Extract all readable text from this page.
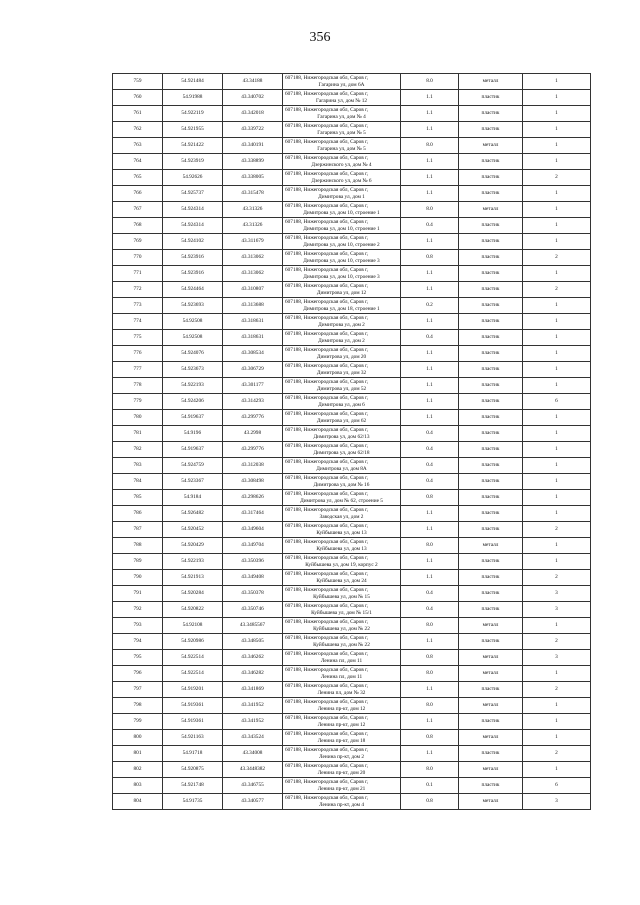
356
759	54.921484	43.34188	607188, Нижегородская обл, Саров г,
Гагарина ул, дом 6А	8.0	металл	1
760	54.91988	43.340702	607188, Нижегородская обл, Саров г,
Гагарина ул, дом № 12	1.1	пластик	1
761	54.922119	43.342018	607188, Нижегородская обл, Саров г,
Гагарина ул, дом № 4	1.1	пластик	1
762	54.921955	43.339722	607188, Нижегородская обл, Саров г,
Гагарина ул, дом № 5	1.1	пластик	1
763	54.921422	43.340191	607188, Нижегородская обл, Саров г,
Гагарина ул, дом № 5	8.0	металл	1
764	54.923919	43.338899	607188, Нижегородская обл, Саров г,
Дзержинского ул, дом № 4	1.1	пластик	1
765	54.92626	43.338005	607188, Нижегородская обл, Саров г,
Дзержинского ул, дом № 6	1.1	пластик	2
766	54.925737	43.315478	607188, Нижегородская обл, Саров г,
Димитрова ул, дом 1	1.1	пластик	1
767	54.924314	43.31326	607188, Нижегородская обл, Саров г,
Димитрова ул, дом 10, строение 1	8.0	металл	1
768	54.924314	43.31326	607188, Нижегородская обл, Саров г,
Димитрова ул, дом 10, строение 1	0.4	пластик	1
769	54.924102	43.311679	607188, Нижегородская обл, Саров г,
Димитрова ул, дом 10, строение 2	1.1	пластик	1
770	54.923916	43.313062	607188, Нижегородская обл, Саров г,
Димитрова ул, дом 10, строение 3	0.8	пластик	2
771	54.923916	43.313062	607188, Нижегородская обл, Саров г,
Димитрова ул, дом 10, строение 3	1.1	пластик	1
772	54.924464	43.310807	607188, Нижегородская обл, Саров г,
Димитрова ул, дом 12	1.1	пластик	2
773	54.923693	43.313688	607188, Нижегородская обл, Саров г,
Димитрова ул, дом 18, строение 1	0.2	пластик	1
774	54.92508	43.318631	607188, Нижегородская обл, Саров г,
Димитрова ул, дом 2	1.1	пластик	1
775	54.92508	43.318631	607188, Нижегородская обл, Саров г,
Димитрова ул, дом 2	0.4	пластик	1
776	54.924076	43.308534	607188, Нижегородская обл, Саров г,
Димитрова ул, дом 20	1.1	пластик	1
777	54.923673	43.306729	607188, Нижегородская обл, Саров г,
Димитрова ул, дом 32	1.1	пластик	1
778	54.922193	43.301177	607188, Нижегородская обл, Саров г,
Димитрова ул, дом 52	1.1	пластик	1
779	54.924206	43.314293	607188, Нижегородская обл, Саров г,
Димитрова ул, дом 6	1.1	пластик	6
780	54.919637	43.299776	607188, Нижегородская обл, Саров г,
Димитрова ул, дом 62	1.1	пластик	1
781	54.9196	43.2998	607188, Нижегородская обл, Саров г,
Димитрова ул, дом 62/13	0.4	пластик	1
782	54.919637	43.299776	607188, Нижегородская обл, Саров г,
Димитрова ул, дом 62/18	0.4	пластик	1
783	54.924759	43.312038	607188, Нижегородская обл, Саров г,
Димитрова ул, дом 8А	0.4	пластик	1
784	54.923367	43.308498	607188, Нижегородская обл, Саров г,
Димитрова ул, дом № 16	0.4	пластик	1
785	54.9184	43.298626	607188, Нижегородская обл, Саров г,
Димитрова ул, дом № 62, строение 5	0.8	пластик	1
786	54.926482	43.317464	607188, Нижегородская обл, Саров г,
Заводская ул, дом 2	1.1	пластик	1
787	54.920452	43.349604	607188, Нижегородская обл, Саров г,
Куйбышева ул, дом 13	1.1	пластик	2
788	54.920429	43.349704	607188, Нижегородская обл, Саров г,
Куйбышева ул, дом 13	8.0	металл	1
789	54.922193	43.350396	607188, Нижегородская обл, Саров г,
Куйбышева ул, дом 19, корпус 2	1.1	пластик	1
790	54.921913	43.349408	607188, Нижегородская обл, Саров г,
Куйбышева ул, дом 24	1.1	пластик	2
791	54.920284	43.350378	607188, Нижегородская обл, Саров г,
Куйбышева ул, дом № 15	0.4	пластик	3
792	54.920822	43.350746	607188, Нижегородская обл, Саров г,
Куйбышева ул, дом № 15/1	0.4	пластик	3
793	54.92108	43.3485567	607188, Нижегородская обл, Саров г,
Куйбышева ул, дом № 22	8.0	металл	1
794	54.920986	43.348505	607188, Нижегородская обл, Саров г,
Куйбышева ул, дом № 22	1.1	пластик	2
795	54.922514	43.346262	607188, Нижегородская обл, Саров г,
Ленина пл, дом 11	0.8	металл	3
796	54.922514	43.346282	607188, Нижегородская обл, Саров г,
Ленина пл, дом 11	8.0	металл	1
797	54.919201	43.341869	607188, Нижегородская обл, Саров г,
Ленина пл, дом № 32	1.1	пластик	2
798	54.919361	43.341952	607188, Нижегородская обл, Саров г,
Ленина пр-кт, дом 12	8.0	металл	1
799	54.919361	43.341952	607188, Нижегородская обл, Саров г,
Ленина пр-кт, дом 12	1.1	пластик	1
800	54.921163	43.343524	607188, Нижегородская обл, Саров г,
Ленина пр-кт, дом 18	0.8	металл	1
801	54.91718	43.34008	607188, Нижегородская обл, Саров г,
Ленина пр-кт, дом 2	1.1	пластик	2
802	54.920875	43.3448382	607188, Нижегородская обл, Саров г,
Ленина пр-кт, дом 20	8.0	металл	1
803	54.921748	43.346755	607188, Нижегородская обл, Саров г,
Ленина пр-кт, дом 21	0.1	пластик	6
804	54.91735	43.340577	607188, Нижегородская обл, Саров г,
Ленина пр-кт, дом 4	0.8	металл	3
